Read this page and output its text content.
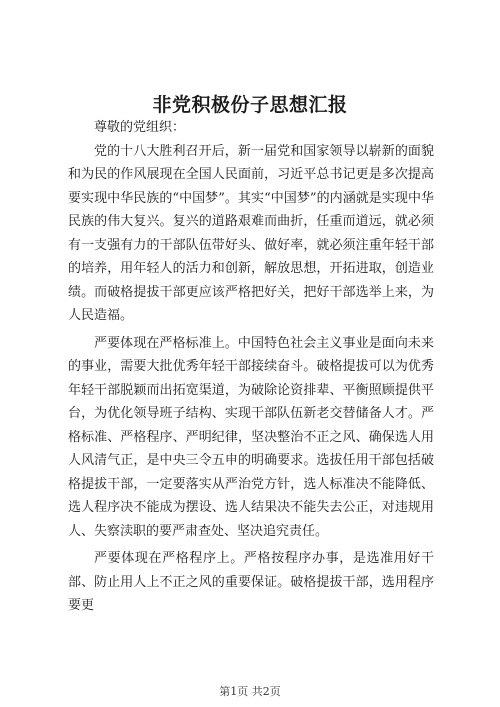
非党积极份子思想汇报

尊敬的党组织：

党的十八大胜利召开后，新一届党和国家领导以崭新的面貌和为民的作风展现在全国人民面前，习近平总书记更是多次提高要实现中华民族的“中国梦”。其实“中国梦”的内涵就是实现中华民族的伟大复兴。复兴的道路艰难而曲折，任重而道远，就必须有一支强有力的干部队伍带好头、做好率，就必须注重年轻干部的培养，用年轻人的活力和创新，解放思想，开拓进取，创造业绩。而破格提拔干部更应该严格把好关，把好干部选举上来，为人民造福。

严要体现在严格标准上。中国特色社会主义事业是面向未来的事业，需要大批优秀年轻干部接续奋斗。破格提拔可以为优秀年轻干部脱颖而出拓宽渠道，为破除论资排辈、平衡照顾提供平台，为优化领导班子结构、实现干部队伍新老交替储备人才。严格标准、严格程序、严明纪律，坚决整治不正之风、确保选人用人风清气正，是中央三令五申的明确要求。选拔任用干部包括破格提拔干部，一定要落实从严治党方针，选人标准决不能降低、选人程序决不能成为摆设、选人结果决不能失去公正，对违规用人、失察渎职的要严肃查处、坚决追究责任。

严要体现在严格程序上。严格按程序办事，是选准用好干部、防止用人上不正之风的重要保证。破格提拔干部，选用程序要更

第1页 共2页
